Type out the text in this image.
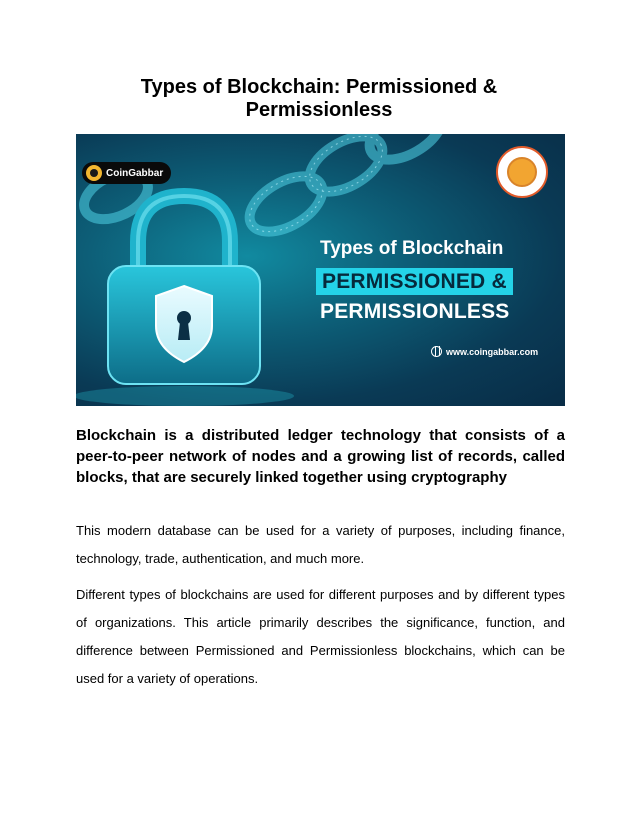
Types of Blockchain: Permissioned & Permissionless
CoinGabbar
Types of Blockchain
PERMISSIONED &
PERMISSIONLESS
www.coingabbar.com
Blockchain is a distributed ledger technology that consists of a peer-to-peer network of nodes and a growing list of records, called blocks, that are securely linked together using cryptography
This modern database can be used for a variety of purposes, including finance, technology, trade, authentication, and much more.
Different types of blockchains are used for different purposes and by different types of organizations. This article primarily describes the significance, function, and difference between Permissioned and Permissionless blockchains, which can be used for a variety of operations.
